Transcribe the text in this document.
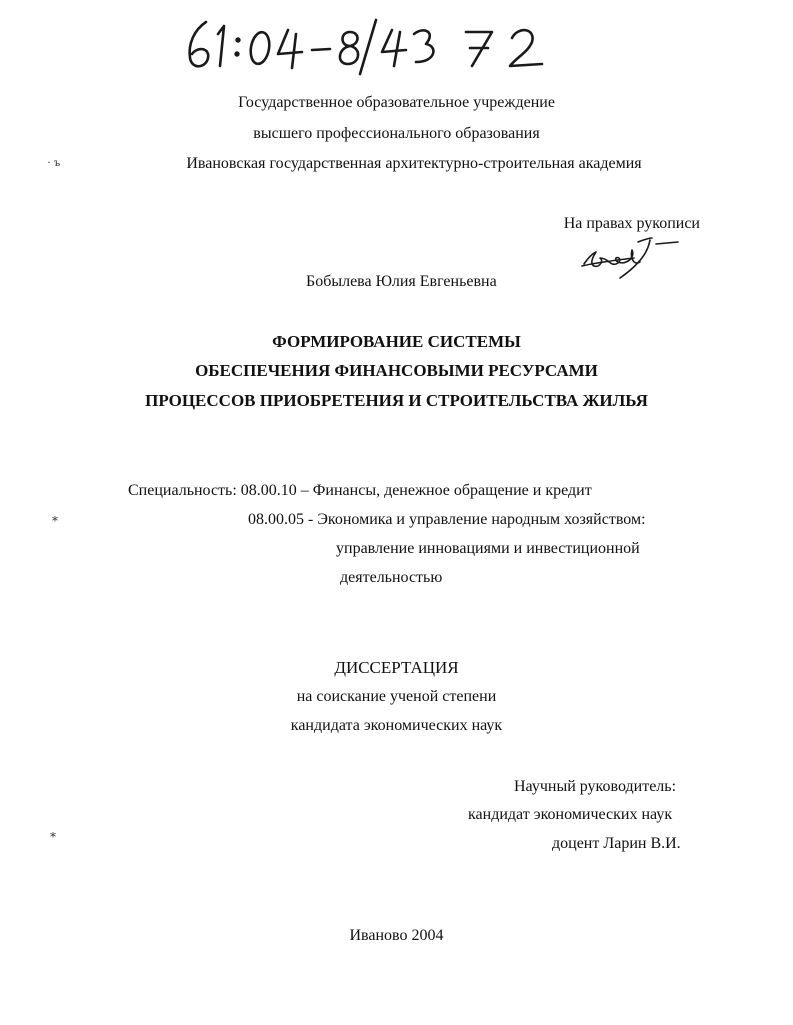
Государственное образовательное учреждение
высшего профессионального образования
Ивановская государственная архитектурно-строительная академия
· ъ
На правах рукописи
Бобылева Юлия Евгеньевна
ФОРМИРОВАНИЕ СИСТЕМЫ
ОБЕСПЕЧЕНИЯ ФИНАНСОВЫМИ РЕСУРСАМИ
ПРОЦЕССОВ ПРИОБРЕТЕНИЯ И СТРОИТЕЛЬСТВА ЖИЛЬЯ
Специальность: 08.00.10 – Финансы, денежное обращение и кредит
08.00.05 - Экономика и управление народным хозяйством:
управление инновациями и инвестиционной
деятельностью
⁎
ДИССЕРТАЦИЯ
на соискание ученой степени
кандидата экономических наук
Научный руководитель:
кандидат экономических наук
доцент Ларин В.И.
⁎
Иваново 2004
